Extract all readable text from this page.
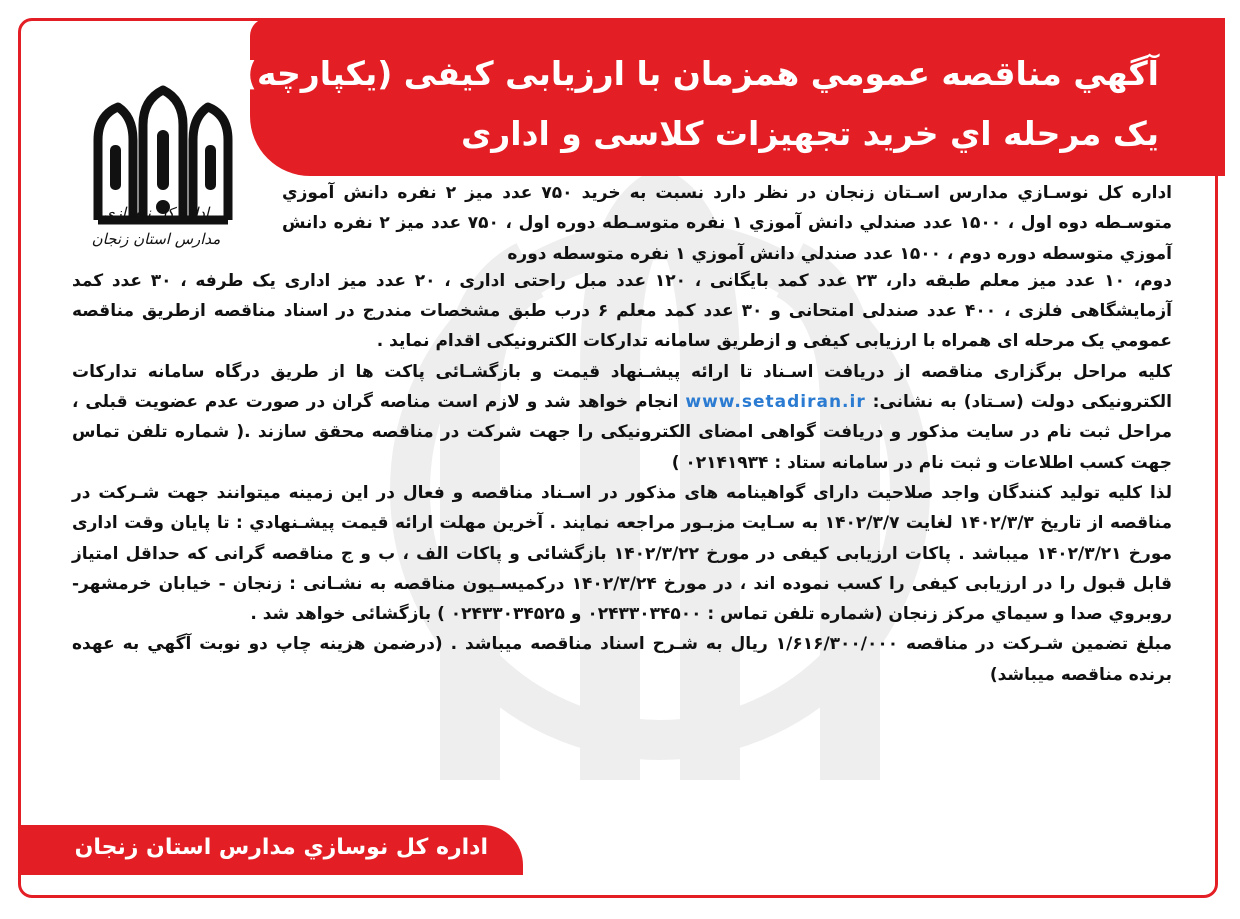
آگهي مناقصه عمومي همزمان با ارزيابی كيفی (يكپارچه)
يک مرحله اي خريد تجهيزات كلاسی و اداری
اداره كل نوسازی
مدارس استان زنجان

اداره كل نوسـازي مدارس اسـتان زنجان در نظر دارد نسبت به خريد ۷۵۰ عدد ميز ۲ نفره دانش آموزي متوسـطه دوه اول ، ۱۵۰۰ عدد صندلي دانش آموزي ۱ نفره متوسـطه دوره اول ، ۷۵۰ عدد ميز ۲ نفره دانش آموزي متوسطه دوره دوم ، ۱۵۰۰ عدد صندلي دانش آموزي ۱ نفره متوسطه دوره

دوم، ۱۰ عدد ميز معلم طبقه دار، ۲۳ عدد كمد بايگانی ، ۱۲۰ عدد مبل راحتی اداری ، ۲۰ عدد ميز اداری يک طرفه ، ۳۰ عدد كمد آزمايشگاهی فلزی ، ۴۰۰ عدد صندلی امتحانی و ۳۰ عدد كمد معلم ۶ درب طبق مشخصات مندرج در اسناد مناقصه ازطريق مناقصه عمومي يک مرحله ای همراه با ارزيابی كيفی و ازطريق سامانه تداركات الكترونيكی اقدام نمايد .

كليه مراحل برگزاری مناقصه از دريافت اسـناد تا ارائه پيشـنهاد قيمت و بازگشـائی پاكت ها از طريق درگاه سامانه تداركات الكترونيكی دولت (سـتاد) به نشانی: www.setadiran.ir انجام خواهد شد و لازم است مناصه گران در صورت عدم عضويت قبلی ، مراحل ثبت نام در سايت مذكور و دريافت گواهی امضای الكترونيكی را جهت شركت در مناقصه محقق سازند .( شماره تلفن تماس جهت كسب اطلاعات و ثبت نام در سامانه ستاد : ۰۲۱۴۱۹۳۴ )

لذا كليه توليد كنندگان واجد صلاحيت دارای گواهينامه های مذكور در اسـناد مناقصه و فعال در اين زمينه ميتوانند جهت شـركت در مناقصه از تاريخ ۱۴۰۲/۳/۳ لغايت ۱۴۰۲/۳/۷ به سـايت مزبـور مراجعه نمايند . آخرين مهلت ارائه قيمت پيشـنهادي : تا پايان وقت اداری مورخ ۱۴۰۲/۳/۲۱ ميباشد . پاكات ارزيابی كيفی در مورخ ۱۴۰۲/۳/۲۲ بازگشائی و پاكات الف ، ب و ج مناقصه گرانی كه حداقل امتياز قابل قبول را در ارزيابی كيفی را كسب نموده اند ، در مورخ ۱۴۰۲/۳/۲۴ دركميسـيون مناقصه به نشـانی : زنجان - خيابان خرمشهر- روبروي صدا و سيماي مركز زنجان (شماره تلفن تماس : ۰۲۴۳۳۰۳۴۵۰۰ و ۰۲۴۳۳۰۳۴۵۲۵ ) بازگشائی خواهد شد .

مبلغ تضمين شـركت در مناقصه ۱/۶۱۶/۳۰۰/۰۰۰ ريال به شـرح اسناد مناقصه ميباشد . (درضمن هزينه چاپ دو نوبت آگهي به عهده برنده مناقصه ميباشد)

اداره كل نوسازي مدارس استان زنجان
